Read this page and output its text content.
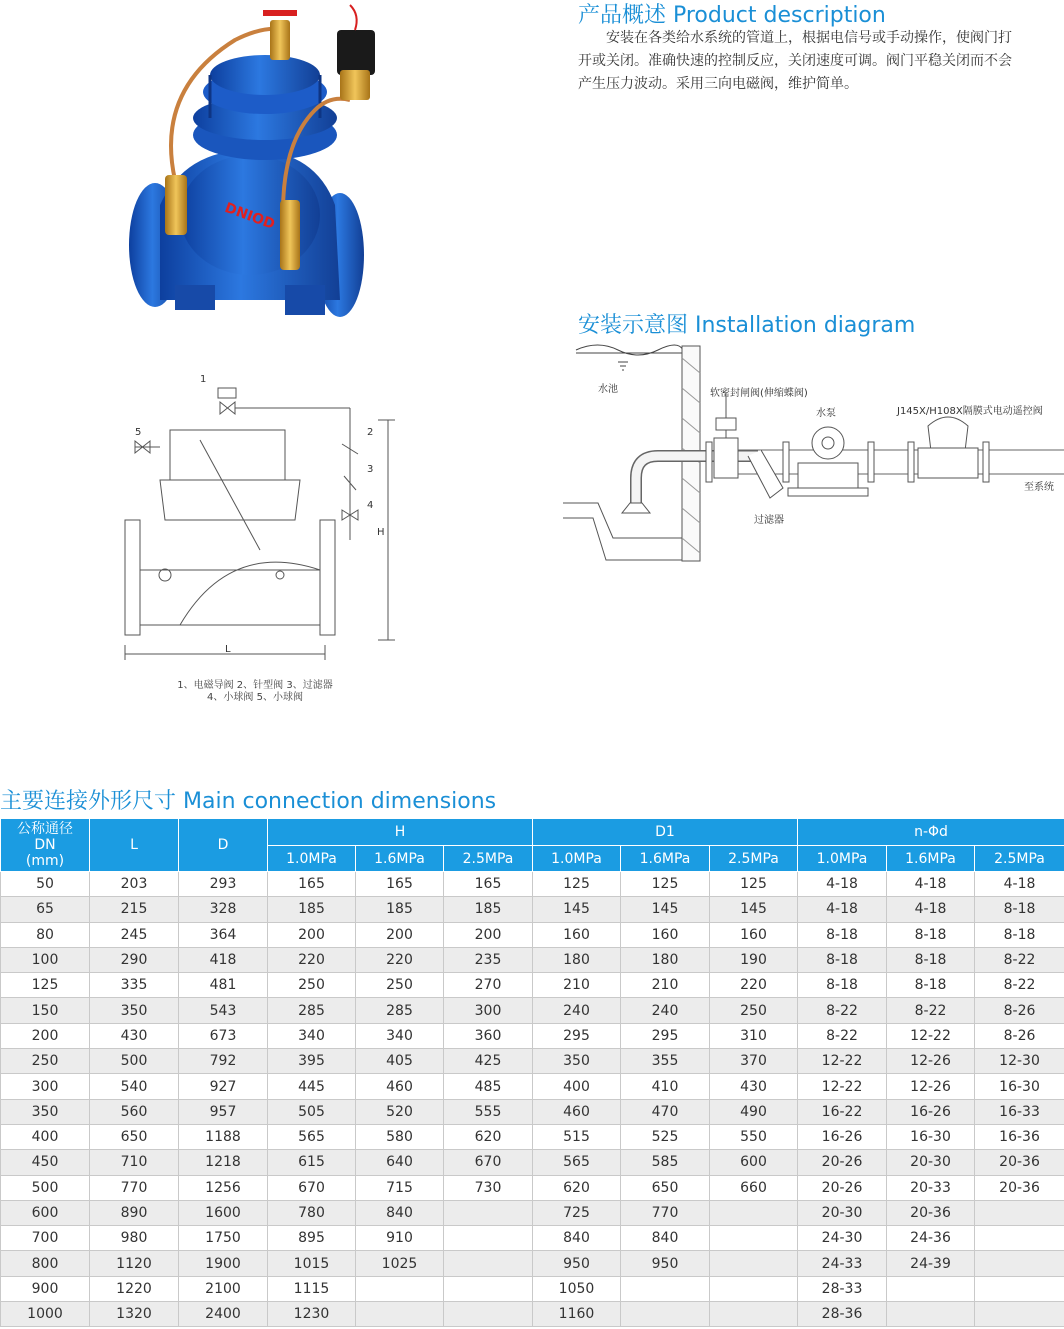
DNIOD
产品概述 Product description
　　安装在各类给水系统的管道上，根据电信号或手动操作，使阀门打
开或关闭。准确快速的控制反应，关闭速度可调。阀门平稳关闭而不会
产生压力波动。采用三向电磁阀，维护简单。
安装示意图 Installation diagram
水池	软密封闸阀(伸缩蝶阀)
水泵	J145X/H108X隔膜式电动遥控阀
过滤器
至系统
1
2
3
4
5
H
L
1、电磁导阀 2、针型阀 3、过滤器
4、小球阀 5、小球阀
主要连接外形尺寸 Main connection dimensions
公称通径
DN
(mm)	L	D	H			D1			n-Φd		
			1.0MPa	1.6MPa	2.5MPa	1.0MPa	1.6MPa	2.5MPa	1.0MPa	1.6MPa	2.5MPa
50	203	293	165	165	165	125	125	125	4-18	4-18	4-18
65	215	328	185	185	185	145	145	145	4-18	4-18	8-18
80	245	364	200	200	200	160	160	160	8-18	8-18	8-18
100	290	418	220	220	235	180	180	190	8-18	8-18	8-22
125	335	481	250	250	270	210	210	220	8-18	8-18	8-22
150	350	543	285	285	300	240	240	250	8-22	8-22	8-26
200	430	673	340	340	360	295	295	310	8-22	12-22	8-26
250	500	792	395	405	425	350	355	370	12-22	12-26	12-30
300	540	927	445	460	485	400	410	430	12-22	12-26	16-30
350	560	957	505	520	555	460	470	490	16-22	16-26	16-33
400	650	1188	565	580	620	515	525	550	16-26	16-30	16-36
450	710	1218	615	640	670	565	585	600	20-26	20-30	20-36
500	770	1256	670	715	730	620	650	660	20-26	20-33	20-36
600	890	1600	780	840		725	770		20-30	20-36	
700	980	1750	895	910		840	840		24-30	24-36	
800	1120	1900	1015	1025		950	950		24-33	24-39	
900	1220	2100	1115			1050			28-33		
1000	1320	2400	1230			1160			28-36		
